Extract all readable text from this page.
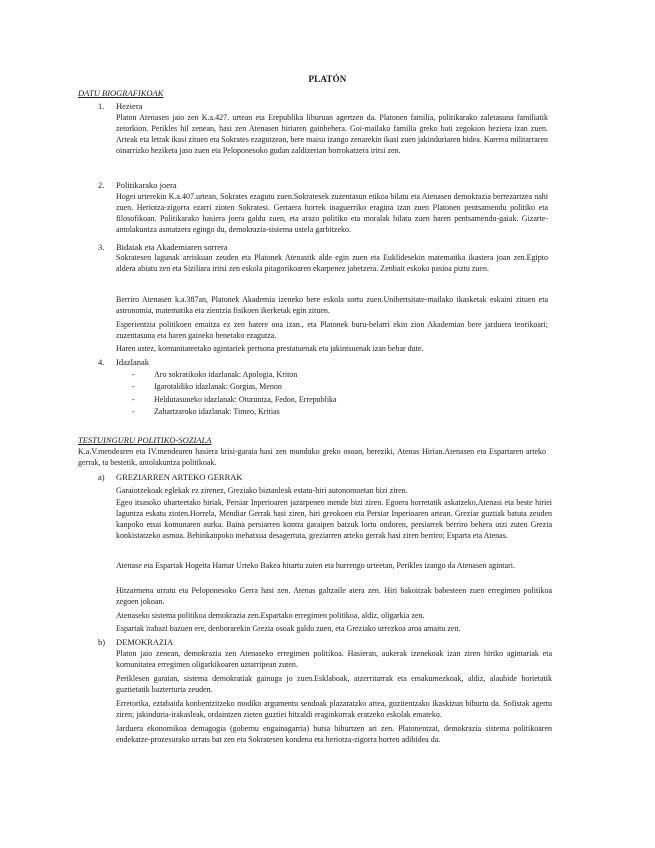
PLATÓN
DATU BIOGRAFIKOAK
1. Heziera

Platon Atenasen jaio zen K.a.427. urtean eta Erepublika liburuan agertzen da. Platonen familia, politikarako zaletasuna familiatik zetorkion. Perikles hil zenean, hasi zen Atenasen hiriaren gainbehera. Goi-mailako familia greko bati zegokion heziera izan zuen. Arteak eta letrak ikasi zituen eta Sokrates ezagutzean, bere maisu izango zenarekin ikasi zuen jakinduriaren bidea. Karrera militarraren oinarrizko heziketa jaso zuen eta Peloponesoko gudan zaldizerian borrokatzera iritsi zen.

2. Politikarako joera

Hogei urterekin K.a.407.urtean, Sokrates ezagutu zuen.Sokratesek zuzentasun etikoa bilatu eta Atenasen demokrazia berrezartzea nahi zuen. Heriotza-zigorra ezarri zioten Sokratesi. Gertaera horrek inaguerriko eragina izan zuen Platonen pentsamendu politiko eta filosofikoan. Politikarako hasiera joera galdu zuen, eta arazo politiko eta moralak bilatu zuen haren pentsamendu-gaiak. Gizarte-antolakuntza asmatzera egingo du, demokrazia-sistema ustela garbitzeko.

3. Bidaiak eta Akademiaren sorrera

Sokratesen lagunak arriskuan zeuden eta Platonek Atenastik alde egin zuen eta Euklidesekin matematika ikastera joan zen.Egipto aldera abiatu zen eta Siziliara iritsi zen eskola pitagorikoaren ekarpenez jabetzera. Zenbait eskoko pasioa piztu zuen.

Berriro Atenasen k.a.387an, Platonek Akademia izeneko bere eskola sortu zuen.Unibertsitate-mailako ikasketak eskaini zituen eta astronomia, matematika eta zientzia fisikoen ikerketak egin zituen.

Esperientzia politikoen emaitza ez zen batere ona izan., eta Platonek buru-belarri ekin zion Akademian bere jarduera teorikoari; zuzentasuna eta haren gaineko benetako ezagutza.

Haren ustez, komunitateetako agintariek pertsona prestatuenak eta jakintsuenak izan behar dute.

4. Idazlanak
- Aro sokratikoko idazlanak: Apologia, Kriton
- Igarotaldiko idazlanak: Gorgias, Menon
- Heldutasuneko idazlanak: Oturuntza, Fedon, Errepublika
- Zahartzaroko idazlanak: Timeo, Kritias
TESTUINGURU POLITIKO-SOZIALA

K.a.V.mendearen eta IV.mendearen hasiera krisi-garaia hasi zen munduko greko osoan, bereziki, Atenas Hirian.Atenasen eta Espartaren arteko gerrak, ta bestetik, antolakuntza politikoak.

a) GREZIARREN ARTEKO GERRAK

Garaiotzekoak eglekak ez zirenez, Greziako biztanleak estatu-hiri autonomoetan bizi ziren.

Egeo itsasoko uharteetako hiriak, Persiar Inperioaren jazarpenen mende bizi ziren. Egoera horretatik askatzeko,Atenasi eta beste hiriei laguntza eskatu zioten.Horrela, Mendiar Gerrak hasi ziren, hiri greokoen eta Persiar Inperioaren artean. Greziar guztiak batuta zeuden kanpoko etsai komunaren aurka. Baina persiarren kontra garaipen batzuk lortu ondoren, persiarrek berriro behera utzi zuten Grezia konkistatzeko asmoa. Behinkanpoko mehatxua desagertuta, greziarren arteko gerrak hasi ziren berriro; Esparta eta Atenas.

Atenase eta Espartak Hogeita Hamar Urteko Bakea hitartu zuten eta hurrengo urteetan, Perikles izango da Atenasen agintari.

Hitzarmena urratu eta Peloponesoko Gerra hasi zen. Atenas galtzaile atera zen. Hiri bakoitzak babesteen zuen erregimen politikoa zegoen jokoan.

Atenaseko sistema politikoa demokrazia zen.Espartako erregimen politikoa, aldiz, oligarkia zen.

Espartak irabazi bazuen ere, denborarekin Grezia osoak galdu zuen, eta Greziako urrezkoa aroa amaitu zen.

b) DEMOKRAZIA

Platon jaio zenean, demokrazia zen Atenaseko erregimen politikoa. Hasieran, aukerak izenekoak izan ziren hiriko agintariak eta komunitatea erregimen oligarkikoaren uztarripean zuten.

Periklesen garaian, sistema demokratiak gainuga jo zuen.Esklaboak, atzerritarrak eta emakumezkoak, aldiz, alaubide horietatik guztietatik bazterturta zeuden.

Erretorika, eztabaida konbentzitzeko modiko argumentu sendoak plazaratzko artea, guztientzako ikaskizun bihurtu da. Sofistak agertu ziren; jakinduria-irakasleak, ordaintzen zieten guztiei hitzaldi eraginkorrak eratzeko eskolak emateko.

Jarduera ekonomikoa demagogia (gobernu engainagarria) hutsa bihurtzen ari zen. Platonentzat, demokrazia sistema politikoaren endekatze-prozesurako urrats bat zen eta Sokratesen kondena eta heriotza-zigorra horren adibidea da.
